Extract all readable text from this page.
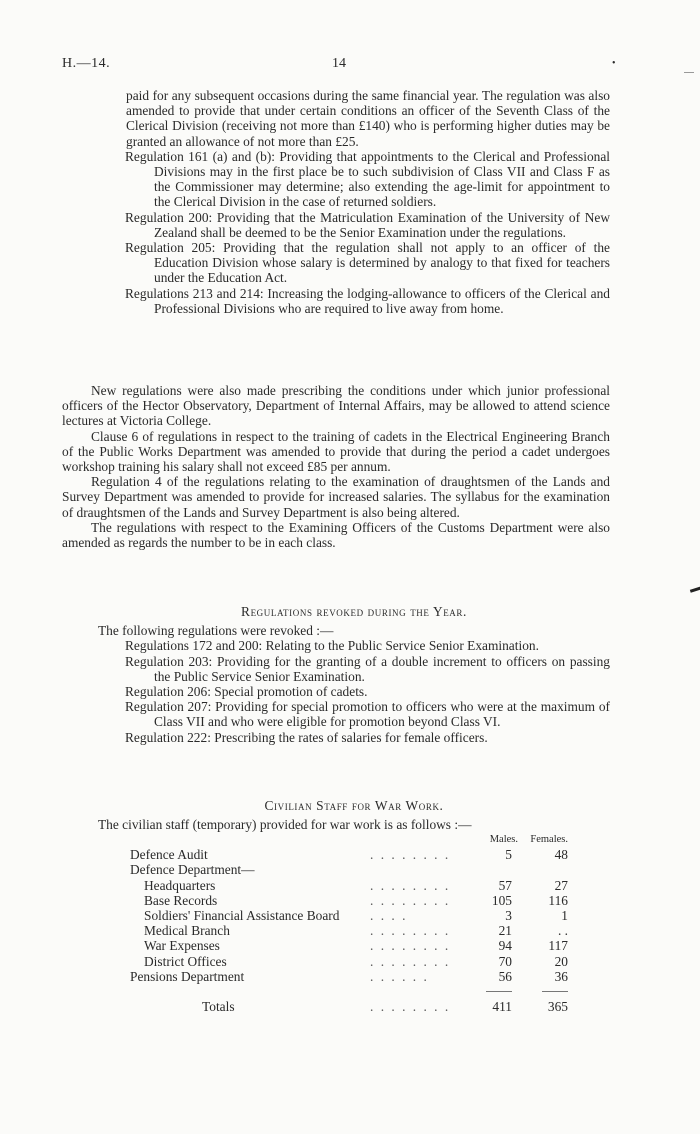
H.—14.	14	•

paid for any subsequent occasions during the same financial year. The regulation was also amended to provide that under certain conditions an officer of the Seventh Class of the Clerical Division (receiving not more than £140) who is performing higher duties may be granted an allowance of not more than £25.

Regulation 161 (a) and (b): Providing that appointments to the Clerical and Professional Divisions may in the first place be to such subdivision of Class VII and Class F as the Commissioner may determine; also extending the age-limit for appointment to the Clerical Division in the case of returned soldiers.

Regulation 200: Providing that the Matriculation Examination of the University of New Zealand shall be deemed to be the Senior Examination under the regulations.

Regulation 205: Providing that the regulation shall not apply to an officer of the Education Division whose salary is determined by analogy to that fixed for teachers under the Education Act.

Regulations 213 and 214: Increasing the lodging-allowance to officers of the Clerical and Professional Divisions who are required to live away from home.

New regulations were also made prescribing the conditions under which junior professional officers of the Hector Observatory, Department of Internal Affairs, may be allowed to attend science lectures at Victoria College.

Clause 6 of regulations in respect to the training of cadets in the Electrical Engineering Branch of the Public Works Department was amended to provide that during the period a cadet undergoes workshop training his salary shall not exceed £85 per annum.

Regulation 4 of the regulations relating to the examination of draughtsmen of the Lands and Survey Department was amended to provide for increased salaries. The syllabus for the examination of draughtsmen of the Lands and Survey Department is also being altered.

The regulations with respect to the Examining Officers of the Customs Department were also amended as regards the number to be in each class.

Regulations revoked during the Year.

The following regulations were revoked :—

Regulations 172 and 200: Relating to the Public Service Senior Examination.

Regulation 203: Providing for the granting of a double increment to officers on passing the Public Service Senior Examination.

Regulation 206: Special promotion of cadets.

Regulation 207: Providing for special promotion to officers who were at the maximum of Class VII and who were eligible for promotion beyond Class VI.

Regulation 222: Prescribing the rates of salaries for female officers.

Civilian Staff for War Work.

The civilian staff (temporary) provided for war work is as follows :—

		Males.	Females.
Defence Audit	. . . . . . . .	5	48
Defence Department—			
Headquarters	. . . . . . . .	57	27
Base Records	. . . . . . . .	105	116
Soldiers' Financial Assistance Board	. . . .	3	1
Medical Branch	. . . . . . . .	21	. .
War Expenses	. . . . . . . .	94	117
District Offices	. . . . . . . .	70	20
Pensions Department	. . . . . .	56	36

Totals	. . . . . . . .	411	365
